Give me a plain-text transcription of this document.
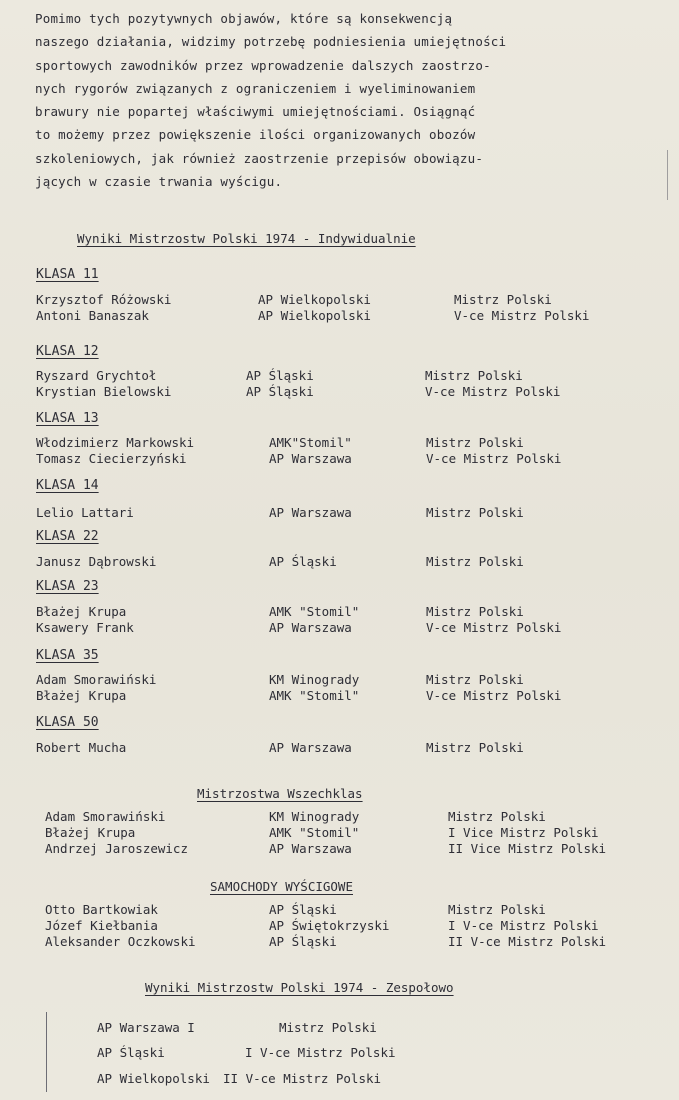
Pomimo tych pozytywnych objawów, które są konsekwencją
naszego działania, widzimy potrzebę podniesienia umiejętności
sportowych zawodników przez wprowadzenie dalszych zaostrzo-
nych rygorów związanych z ograniczeniem i wyeliminowaniem
brawury nie popartej właściwymi umiejętnościami. Osiągnąć
to możemy przez powiększenie ilości organizowanych obozów
szkoleniowych, jak również zaostrzenie przepisów obowiązu-
jących w czasie trwania wyścigu.
Wyniki Mistrzostw Polski 1974 - Indywidualnie
KLASA 11
Krzysztof Różowski	AP Wielkopolski	Mistrz Polski
Antoni Banaszak	AP Wielkopolski	V-ce Mistrz Polski
KLASA 12
Ryszard Grychtoł	AP Śląski	Mistrz Polski
Krystian Bielowski	AP Śląski	V-ce Mistrz Polski
KLASA 13
Włodzimierz Markowski	AMK"Stomil"	Mistrz Polski
Tomasz Ciecierzyński	AP Warszawa	V-ce Mistrz Polski
KLASA 14
Lelio Lattari	AP Warszawa	Mistrz Polski
KLASA 22
Janusz Dąbrowski	AP Śląski	Mistrz Polski
KLASA 23
Błażej Krupa	AMK "Stomil"	Mistrz Polski
Ksawery Frank	AP Warszawa	V-ce Mistrz Polski
KLASA 35
Adam Smorawiński	KM Winogrady	Mistrz Polski
Błażej Krupa	AMK "Stomil"	V-ce Mistrz Polski
KLASA 50
Robert Mucha	AP Warszawa	Mistrz Polski
Mistrzostwa Wszechklas
Adam Smorawiński	KM Winogrady	Mistrz Polski
Błażej Krupa	AMK "Stomil"	I Vice Mistrz Polski
Andrzej Jaroszewicz	AP Warszawa	II Vice Mistrz Polski
SAMOCHODY WYŚCIGOWE
Otto Bartkowiak	AP Śląski	Mistrz Polski
Józef Kiełbania	AP Świętokrzyski	I V-ce Mistrz Polski
Aleksander Oczkowski	AP Śląski	II V-ce Mistrz Polski
Wyniki Mistrzostw Polski 1974 - Zespołowo
AP Warszawa I	Mistrz Polski
AP Śląski	I V-ce Mistrz Polski
AP Wielkopolski II V-ce Mistrz Polski
